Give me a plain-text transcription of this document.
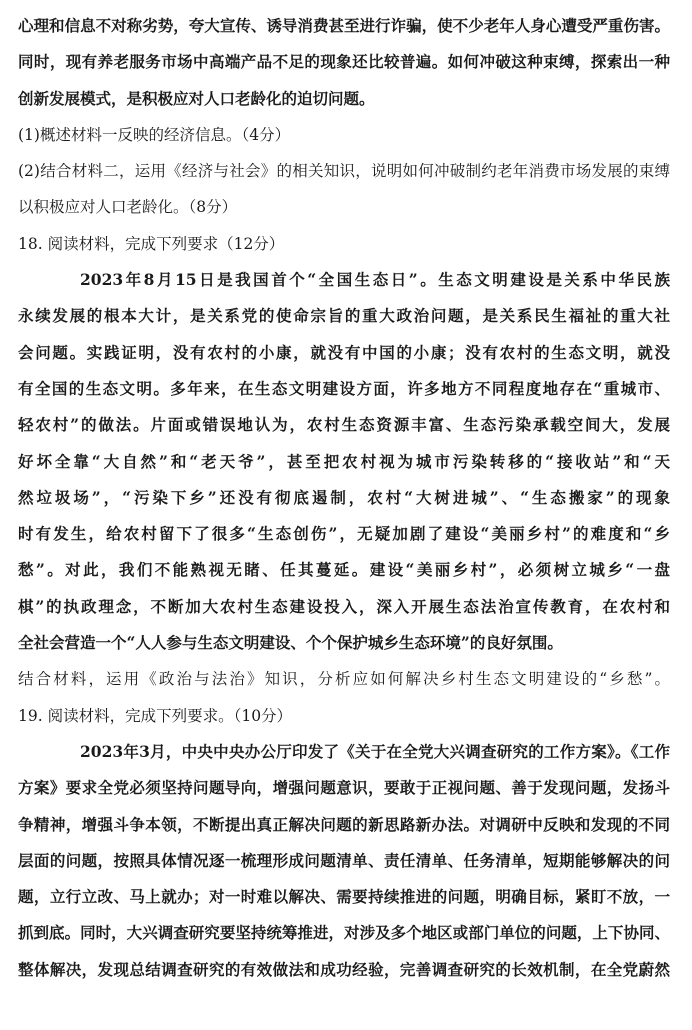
心理和信息不对称劣势，夸大宣传、诱导消费甚至进行诈骗，使不少老年人身心遭受严重伤害。
同时，现有养老服务市场中高端产品不足的现象还比较普遍。如何冲破这种束缚，探索出一种
创新发展模式，是积极应对人口老龄化的迫切问题。
(1)概述材料一反映的经济信息。（4分）
(2)结合材料二，运用《经济与社会》的相关知识，说明如何冲破制约老年消费市场发展的束缚
以积极应对人口老龄化。（8分）
18. 阅读材料，完成下列要求（12分）
2023年8月15日是我国首个“全国生态日”。生态文明建设是关系中华民族
永续发展的根本大计，是关系党的使命宗旨的重大政治问题，是关系民生福祉的重大社
会问题。实践证明，没有农村的小康，就没有中国的小康；没有农村的生态文明，就没
有全国的生态文明。多年来，在生态文明建设方面，许多地方不同程度地存在“重城市、
轻农村”的做法。片面或错误地认为，农村生态资源丰富、生态污染承载空间大，发展
好坏全靠“大自然”和“老天爷”，甚至把农村视为城市污染转移的“接收站”和“天
然垃圾场”，“污染下乡”还没有彻底遏制，农村“大树进城”、“生态搬家”的现象
时有发生，给农村留下了很多“生态创伤”，无疑加剧了建设“美丽乡村”的难度和“乡
愁”。对此，我们不能熟视无睹、任其蔓延。建设“美丽乡村”，必须树立城乡“一盘
棋”的执政理念，不断加大农村生态建设投入，深入开展生态法治宣传教育，在农村和
全社会营造一个“人人参与生态文明建设、个个保护城乡生态环境”的良好氛围。
结合材料，运用《政治与法治》知识，分析应如何解决乡村生态文明建设的“乡愁”。
19. 阅读材料，完成下列要求。（10分）
2023年3月，中央中央办公厅印发了《关于在全党大兴调查研究的工作方案》。《工作
方案》要求全党必须坚持问题导向，增强问题意识，要敢于正视问题、善于发现问题，发扬斗
争精神，增强斗争本领，不断提出真正解决问题的新思路新办法。对调研中反映和发现的不同
层面的问题，按照具体情况逐一梳理形成问题清单、责任清单、任务清单，短期能够解决的问
题，立行立改、马上就办；对一时难以解决、需要持续推进的问题，明确目标，紧盯不放，一
抓到底。同时，大兴调查研究要坚持统筹推进，对涉及多个地区或部门单位的问题，上下协同、
整体解决，发现总结调查研究的有效做法和成功经验，完善调查研究的长效机制，在全党蔚然
